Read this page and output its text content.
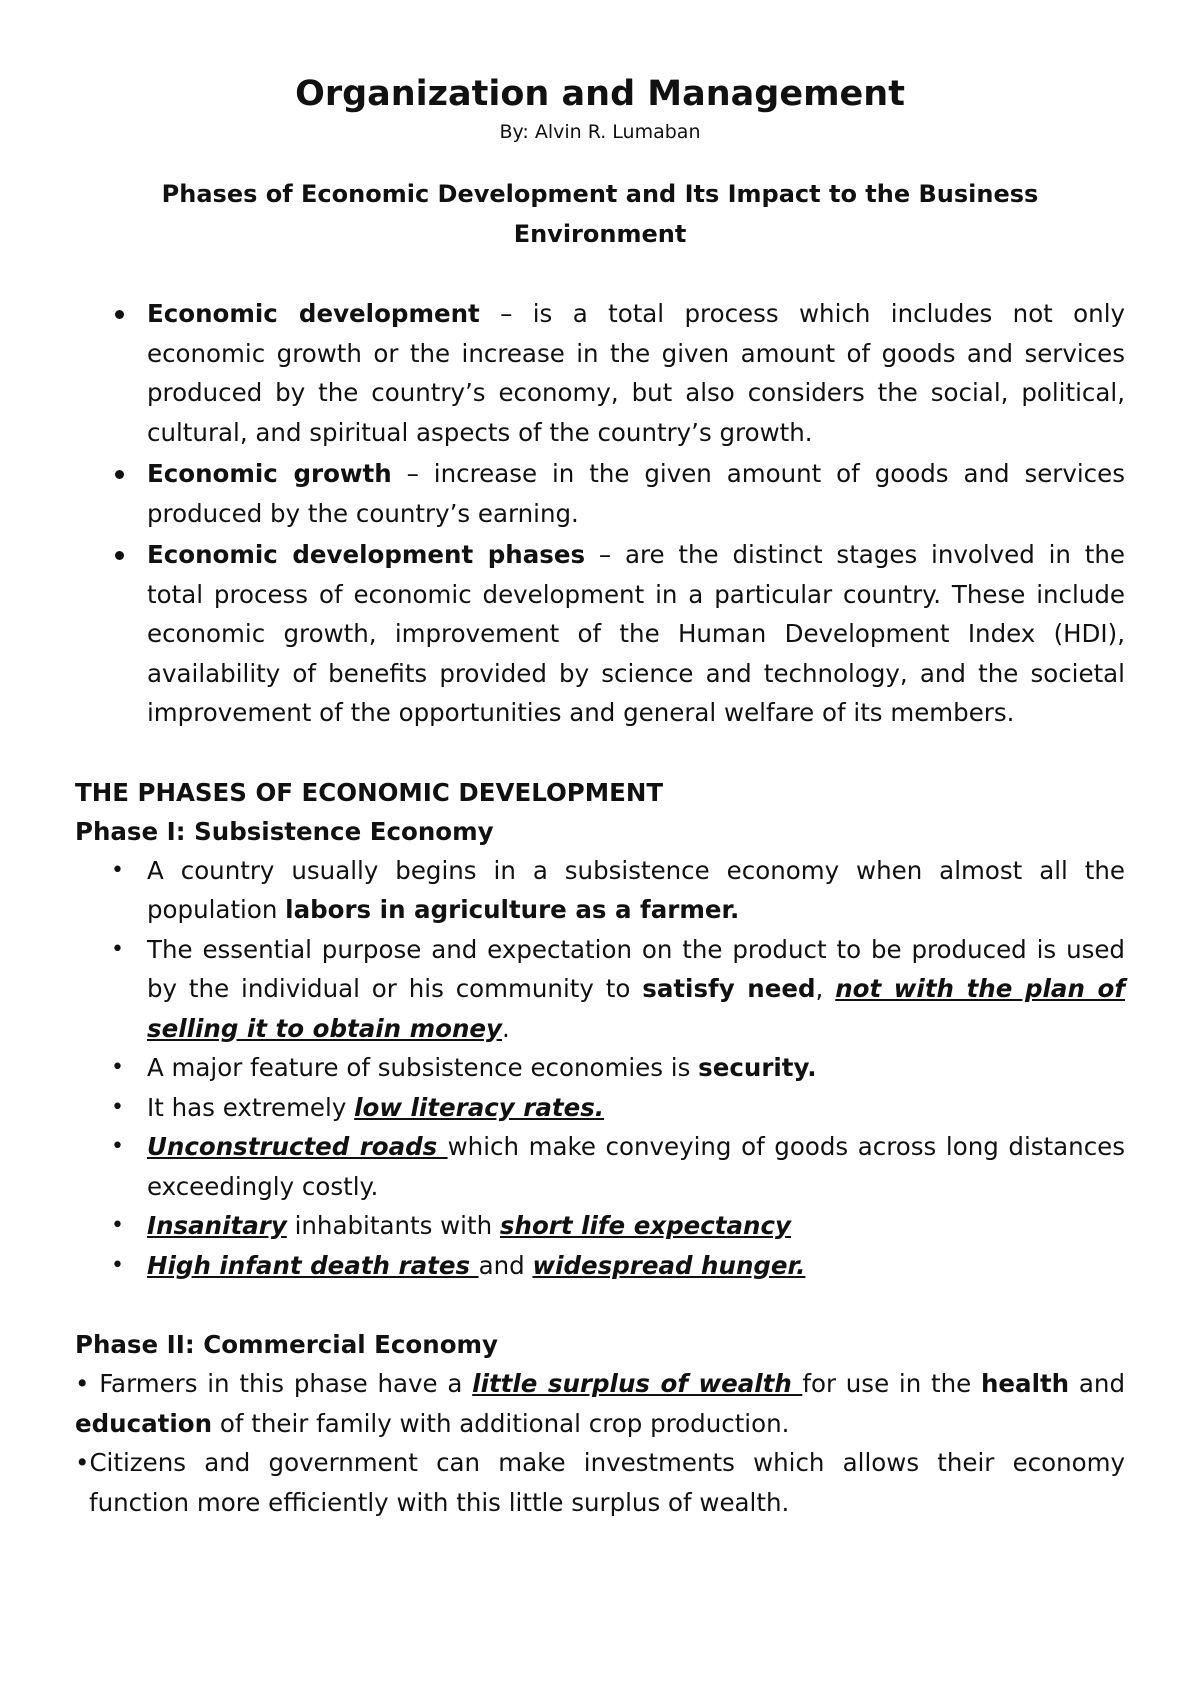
Organization and Management

By: Alvin R. Lumaban

Phases of Economic Development and Its Impact to the Business Environment
Economic development – is a total process which includes not only economic growth or the increase in the given amount of goods and services produced by the country’s economy, but also considers the social, political, cultural, and spiritual aspects of the country’s growth.
Economic growth – increase in the given amount of goods and services produced by the country’s earning.
Economic development phases – are the distinct stages involved in the total process of economic development in a particular country. These include economic growth, improvement of the Human Development Index (HDI), availability of benefits provided by science and technology, and the societal improvement of the opportunities and general welfare of its members.
THE PHASES OF ECONOMIC DEVELOPMENT
Phase I: Subsistence Economy
• A country usually begins in a subsistence economy when almost all the population labors in agriculture as a farmer.
• The essential purpose and expectation on the product to be produced is used by the individual or his community to satisfy need, not with the plan of selling it to obtain money.
• A major feature of subsistence economies is security.
• It has extremely low literacy rates.
• Unconstructed roads which make conveying of goods across long distances exceedingly costly.
• Insanitary inhabitants with short life expectancy
• High infant death rates and widespread hunger.
Phase II: Commercial Economy

• Farmers in this phase have a little surplus of wealth for use in the health and education of their family with additional crop production.

•Citizens and government can make investments which allows their economy function more efficiently with this little surplus of wealth.
